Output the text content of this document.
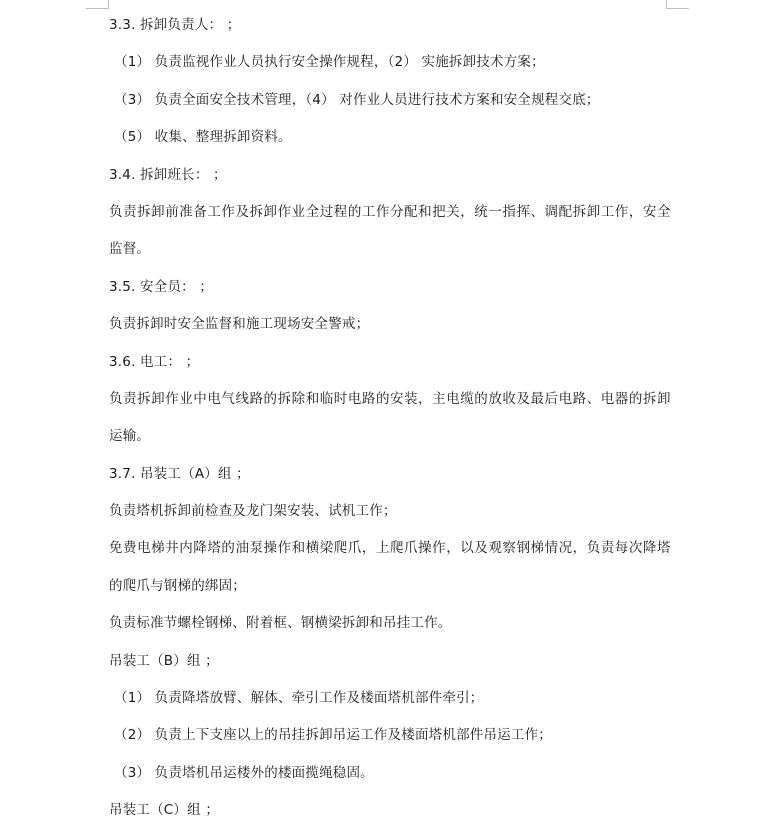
3.3. 拆卸负责人： ；
（1） 负责监视作业人员执行安全操作规程，（2） 实施拆卸技术方案；
（3） 负责全面安全技术管理，（4） 对作业人员进行技术方案和安全规程交底；
（5） 收集、整理拆卸资料。
3.4. 拆卸班长： ；
负责拆卸前准备工作及拆卸作业全过程的工作分配和把关，统一指挥、调配拆卸工作，安全
监督。
3.5. 安全员： ；
负责拆卸时安全监督和施工现场安全警戒；
3.6. 电工： ；
负责拆卸作业中电气线路的拆除和临时电路的安装，主电缆的放收及最后电路、电器的拆卸
运输。
3.7. 吊装工（A）组 ；
负责塔机拆卸前检查及龙门架安装、试机工作；
免费电梯井内降塔的油泵操作和横梁爬爪，上爬爪操作，以及观察钢梯情况，负责每次降塔
的爬爪与钢梯的绑固；
负责标准节螺栓钢梯、附着框、钢横梁拆卸和吊挂工作。
吊装工（B）组 ；
（1） 负责降塔放臂、解体、牵引工作及楼面塔机部件牵引；
（2） 负责上下支座以上的吊挂拆卸吊运工作及楼面塔机部件吊运工作；
（3） 负责塔机吊运楼外的楼面揽绳稳固。
吊装工（C）组 ；
